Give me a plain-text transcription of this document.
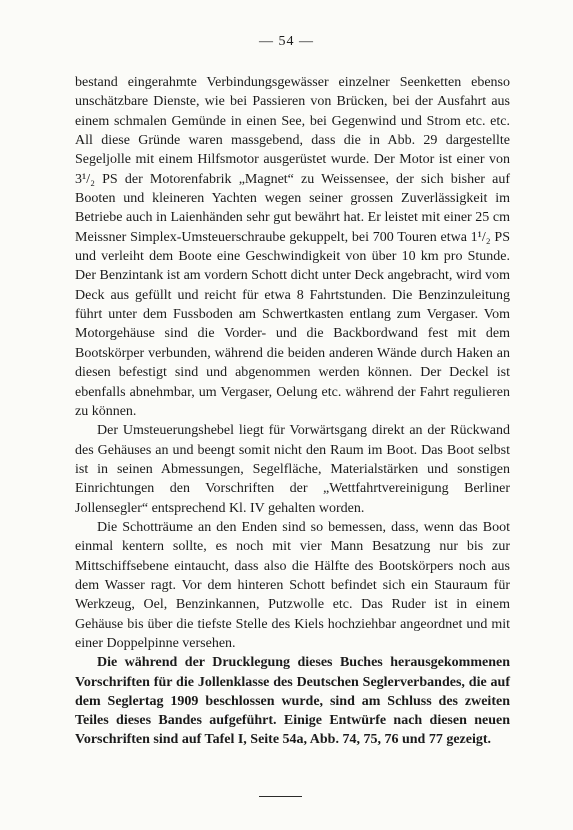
— 54 —

bestand eingerahmte Verbindungsgewässer einzelner Seenketten ebenso unschätzbare Dienste, wie bei Passieren von Brücken, bei der Ausfahrt aus einem schmalen Gemünde in einen See, bei Gegenwind und Strom etc. etc. All diese Gründe waren massgebend, dass die in Abb. 29 dargestellte Segeljolle mit einem Hilfsmotor ausgerüstet wurde. Der Motor ist einer von 3¹/₂ PS der Motorenfabrik „Magnet“ zu Weissensee, der sich bisher auf Booten und kleineren Yachten wegen seiner grossen Zuverlässigkeit im Betriebe auch in Laienhänden sehr gut bewährt hat. Er leistet mit einer 25 cm Meissner Simplex-Umsteuerschraube gekuppelt, bei 700 Touren etwa 1¹/₂ PS und verleiht dem Boote eine Geschwindigkeit von über 10 km pro Stunde. Der Benzintank ist am vordern Schott dicht unter Deck angebracht, wird vom Deck aus gefüllt und reicht für etwa 8 Fahrtstunden. Die Benzinzuleitung führt unter dem Fussboden am Schwertkasten entlang zum Vergaser. Vom Motorgehäuse sind die Vorder- und die Backbordwand fest mit dem Bootskörper verbunden, während die beiden anderen Wände durch Haken an diesen befestigt sind und abgenommen werden können. Der Deckel ist ebenfalls abnehmbar, um Vergaser, Oelung etc. während der Fahrt regulieren zu können.

Der Umsteuerungshebel liegt für Vorwärtsgang direkt an der Rückwand des Gehäuses an und beengt somit nicht den Raum im Boot. Das Boot selbst ist in seinen Abmessungen, Segelfläche, Materialstärken und sonstigen Einrichtungen den Vorschriften der „Wettfahrtvereinigung Berliner Jollensegler“ entsprechend Kl. IV gehalten worden.

Die Schotträume an den Enden sind so bemessen, dass, wenn das Boot einmal kentern sollte, es noch mit vier Mann Besatzung nur bis zur Mittschiffsebene eintaucht, dass also die Hälfte des Bootskörpers noch aus dem Wasser ragt. Vor dem hinteren Schott befindet sich ein Stauraum für Werkzeug, Oel, Benzinkannen, Putzwolle etc. Das Ruder ist in einem Gehäuse bis über die tiefste Stelle des Kiels hochziehbar angeordnet und mit einer Doppelpinne versehen.

Die während der Drucklegung dieses Buches herausgekommenen Vorschriften für die Jollenklasse des Deutschen Seglerverbandes, die auf dem Seglertag 1909 beschlossen wurde, sind am Schluss des zweiten Teiles dieses Bandes aufgeführt. Einige Entwürfe nach diesen neuen Vorschriften sind auf Tafel I, Seite 54a, Abb. 74, 75, 76 und 77 gezeigt.
